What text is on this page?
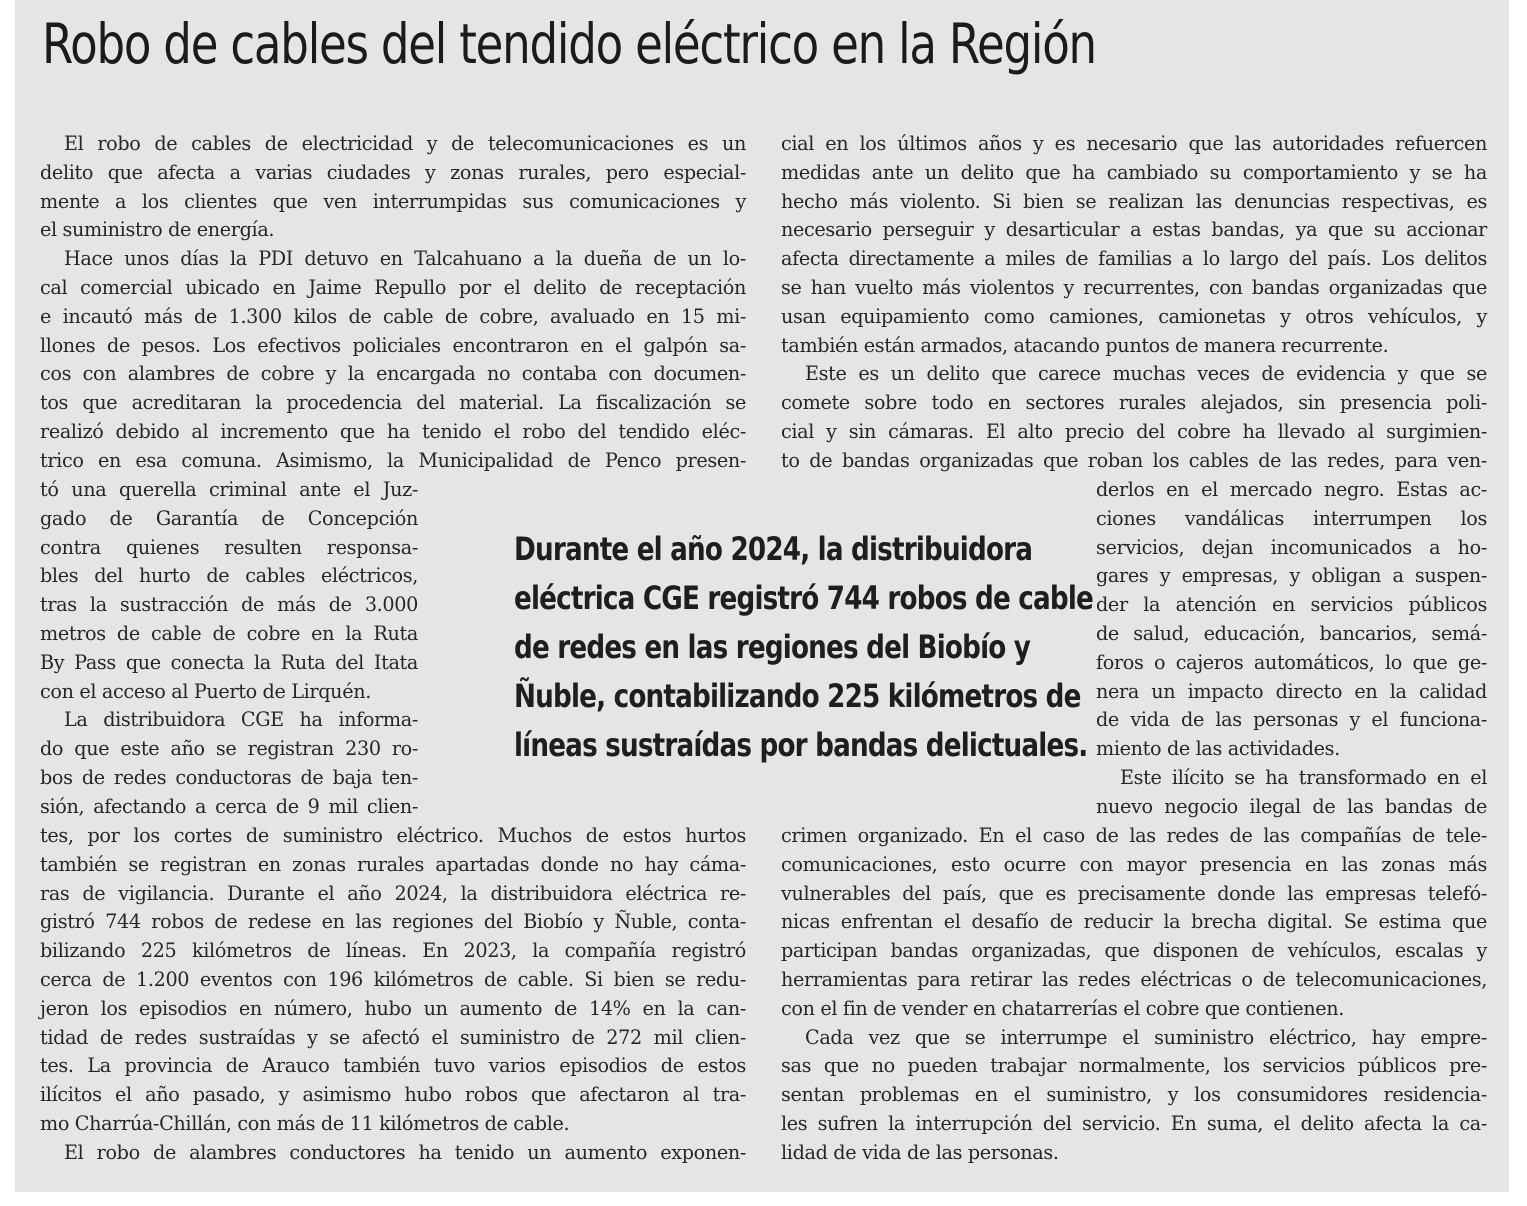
Robo de cables del tendido eléctrico en la Región
El robo de cables de electricidad y de telecomunicaciones es un
delito que afecta a varias ciudades y zonas rurales, pero especial-
mente a los clientes que ven interrumpidas sus comunicaciones y
el suministro de energía.
Hace unos días la PDI detuvo en Talcahuano a la dueña de un lo-
cal comercial ubicado en Jaime Repullo por el delito de receptación
e incautó más de 1.300 kilos de cable de cobre, avaluado en 15 mi-
llones de pesos. Los efectivos policiales encontraron en el galpón sa-
cos con alambres de cobre y la encargada no contaba con documen-
tos que acreditaran la procedencia del material. La fiscalización se
realizó debido al incremento que ha tenido el robo del tendido eléc-
trico en esa comuna. Asimismo, la Municipalidad de Penco presen-
tó una querella criminal ante el Juz-
gado de Garantía de Concepción
contra quienes resulten responsa-
bles del hurto de cables eléctricos,
tras la sustracción de más de 3.000
metros de cable de cobre en la Ruta
By Pass que conecta la Ruta del Itata
con el acceso al Puerto de Lirquén.
La distribuidora CGE ha informa-
do que este año se registran 230 ro-
bos de redes conductoras de baja ten-
sión, afectando a cerca de 9 mil clien-
tes, por los cortes de suministro eléctrico. Muchos de estos hurtos
también se registran en zonas rurales apartadas donde no hay cáma-
ras de vigilancia. Durante el año 2024, la distribuidora eléctrica re-
gistró 744 robos de redese en las regiones del Biobío y Ñuble, conta-
bilizando 225 kilómetros de líneas. En 2023, la compañía registró
cerca de 1.200 eventos con 196 kilómetros de cable. Si bien se redu-
jeron los episodios en número, hubo un aumento de 14% en la can-
tidad de redes sustraídas y se afectó el suministro de 272 mil clien-
tes. La provincia de Arauco también tuvo varios episodios de estos
ilícitos el año pasado, y asimismo hubo robos que afectaron al tra-
mo Charrúa-Chillán, con más de 11 kilómetros de cable.
El robo de alambres conductores ha tenido un aumento exponen-
cial en los últimos años y es necesario que las autoridades refuercen
medidas ante un delito que ha cambiado su comportamiento y se ha
hecho más violento. Si bien se realizan las denuncias respectivas, es
necesario perseguir y desarticular a estas bandas, ya que su accionar
afecta directamente a miles de familias a lo largo del país. Los delitos
se han vuelto más violentos y recurrentes, con bandas organizadas que
usan equipamiento como camiones, camionetas y otros vehículos, y
también están armados, atacando puntos de manera recurrente.
Este es un delito que carece muchas veces de evidencia y que se
comete sobre todo en sectores rurales alejados, sin presencia poli-
cial y sin cámaras. El alto precio del cobre ha llevado al surgimien-
to de bandas organizadas que roban los cables de las redes, para ven-
derlos en el mercado negro. Estas ac-
ciones vandálicas interrumpen los
servicios, dejan incomunicados a ho-
gares y empresas, y obligan a suspen-
der la atención en servicios públicos
de salud, educación, bancarios, semá-
foros o cajeros automáticos, lo que ge-
nera un impacto directo en la calidad
de vida de las personas y el funciona-
miento de las actividades.
Este ilícito se ha transformado en el
nuevo negocio ilegal de las bandas de
crimen organizado. En el caso de las redes de las compañías de tele-
comunicaciones, esto ocurre con mayor presencia en las zonas más
vulnerables del país, que es precisamente donde las empresas telefó-
nicas enfrentan el desafío de reducir la brecha digital. Se estima que
participan bandas organizadas, que disponen de vehículos, escalas y
herramientas para retirar las redes eléctricas o de telecomunicaciones,
con el fin de vender en chatarrerías el cobre que contienen.
Cada vez que se interrumpe el suministro eléctrico, hay empre-
sas que no pueden trabajar normalmente, los servicios públicos pre-
sentan problemas en el suministro, y los consumidores residencia-
les sufren la interrupción del servicio. En suma, el delito afecta la ca-
lidad de vida de las personas.
Durante el año 2024, la distribuidora
eléctrica CGE registró 744 robos de cable
de redes en las regiones del Biobío y
Ñuble, contabilizando 225 kilómetros de
líneas sustraídas por bandas delictuales.
